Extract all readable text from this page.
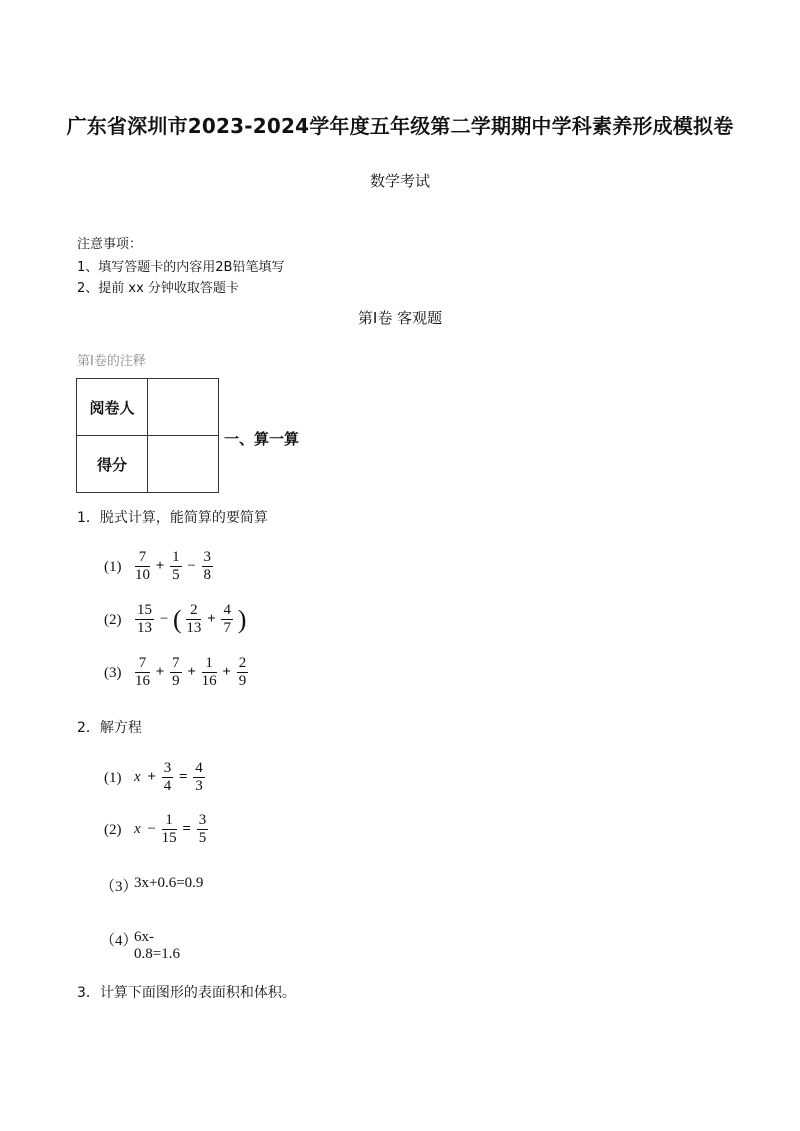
广东省深圳市2023-2024学年度五年级第二学期期中学科素养形成模拟卷
数学考试
注意事项：
1、填写答题卡的内容用2B铅笔填写
2、提前 xx 分钟收取答题卡
第Ⅰ卷 客观题
第Ⅰ卷的注释
阅卷人	
得分	
一、算一算
1．脱式计算，能简算的要简算
$(1) \frac{7}{10} + \frac{1}{5} - \frac{3}{8}$
$(2) \frac{15}{13}$ − ( $\frac{2}{13} + \frac{4}{7}$ )
$(3) \frac{7}{16} + \frac{7}{9} + \frac{1}{16} + \frac{2}{9}$
2．解方程
(1) $x + \frac{3}{4} = \frac{4}{3}$
(2) $x - \frac{1}{15} = \frac{3}{5}$
（3）
3x+0.6=0.9
（4）
6x-0.8=1.6
3．计算下面图形的表面积和体积。
